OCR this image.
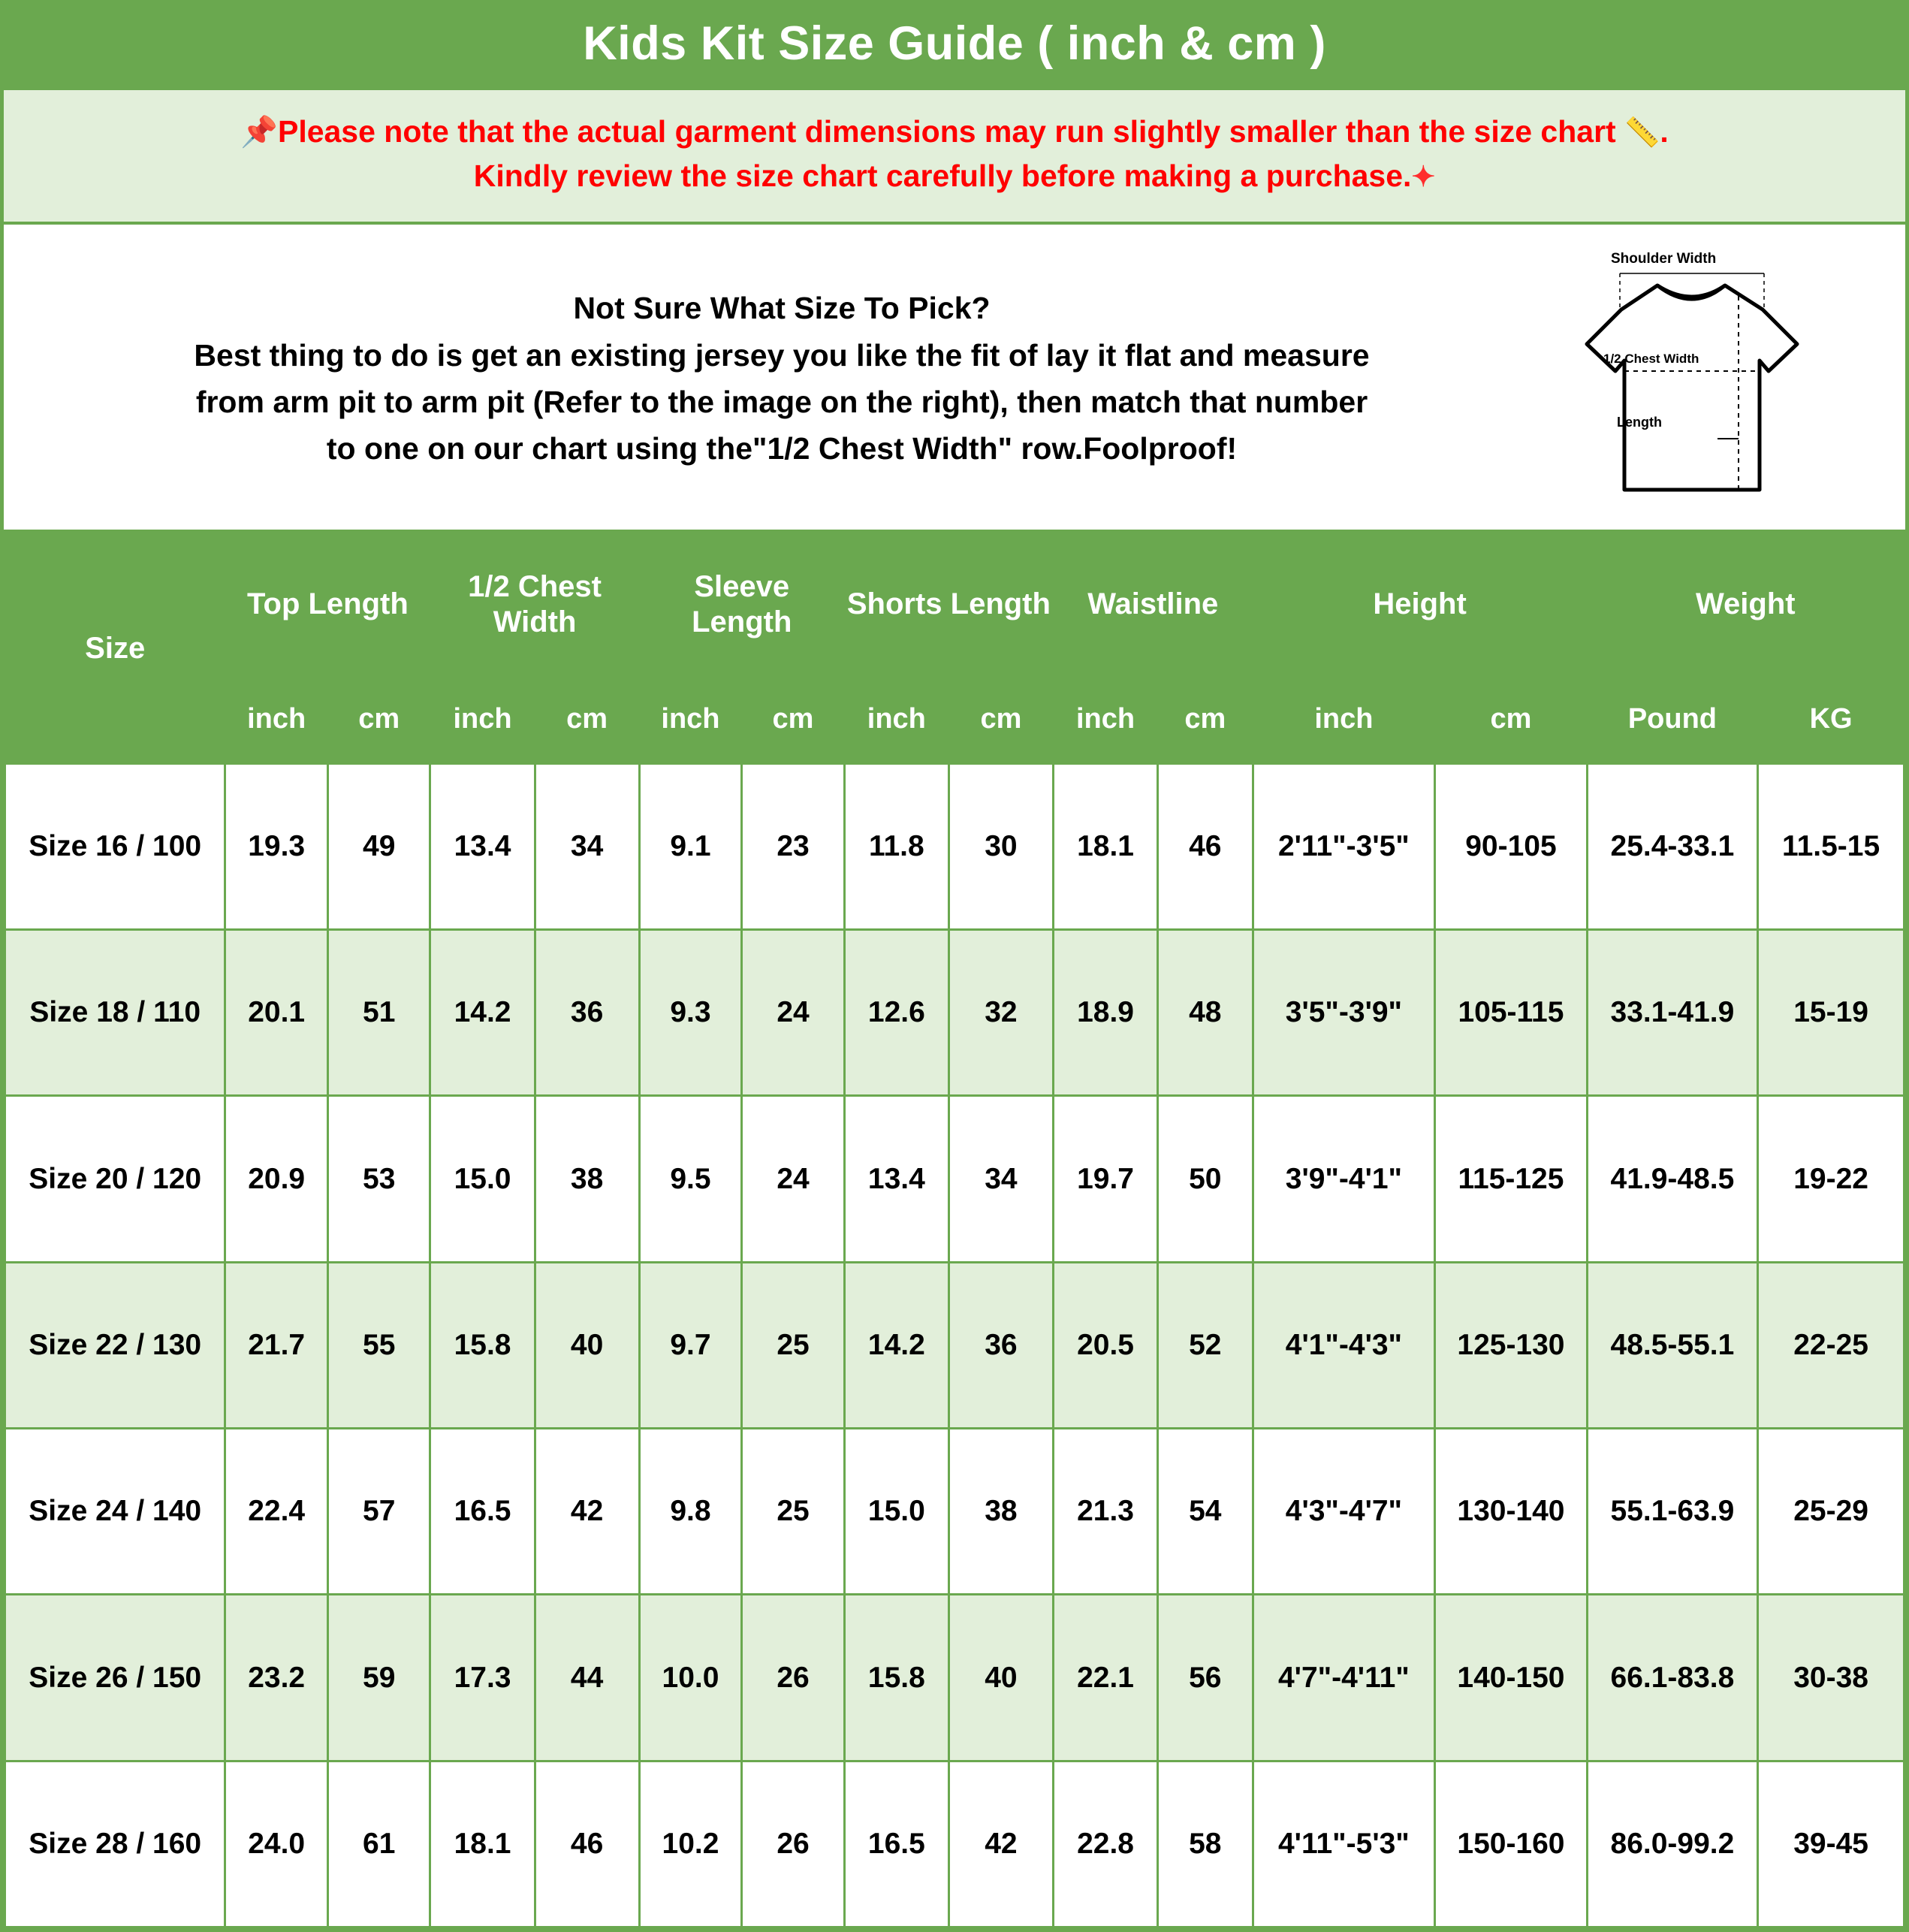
Kids Kit Size Guide ( inch & cm )
📌Please note that the actual garment dimensions may run slightly smaller than the size chart 📏.
Kindly review the size chart carefully before making a purchase.✦
Not Sure What Size To Pick?
Best thing to do is get an existing jersey you like the fit of lay it flat and measure
from arm pit to arm pit (Refer to the image on the right), then match that number
to one on our chart using the"1/2 Chest Width" row.Foolproof!
Shoulder Width
1/2 Chest Width
Length
Size	Top Length		1/2 Chest Width		Sleeve Length		Shorts Length		Waistline		Height		Weight	
	inch	cm	inch	cm	inch	cm	inch	cm	inch	cm	inch	cm	Pound	KG
Size 16 / 100	19.3	49	13.4	34	9.1	23	11.8	30	18.1	46	2'11"-3'5"	90-105	25.4-33.1	11.5-15
Size 18 / 110	20.1	51	14.2	36	9.3	24	12.6	32	18.9	48	3'5"-3'9"	105-115	33.1-41.9	15-19
Size 20 / 120	20.9	53	15.0	38	9.5	24	13.4	34	19.7	50	3'9"-4'1"	115-125	41.9-48.5	19-22
Size 22 / 130	21.7	55	15.8	40	9.7	25	14.2	36	20.5	52	4'1"-4'3"	125-130	48.5-55.1	22-25
Size 24 / 140	22.4	57	16.5	42	9.8	25	15.0	38	21.3	54	4'3"-4'7"	130-140	55.1-63.9	25-29
Size 26 / 150	23.2	59	17.3	44	10.0	26	15.8	40	22.1	56	4'7"-4'11"	140-150	66.1-83.8	30-38
Size 28 / 160	24.0	61	18.1	46	10.2	26	16.5	42	22.8	58	4'11"-5'3"	150-160	86.0-99.2	39-45
